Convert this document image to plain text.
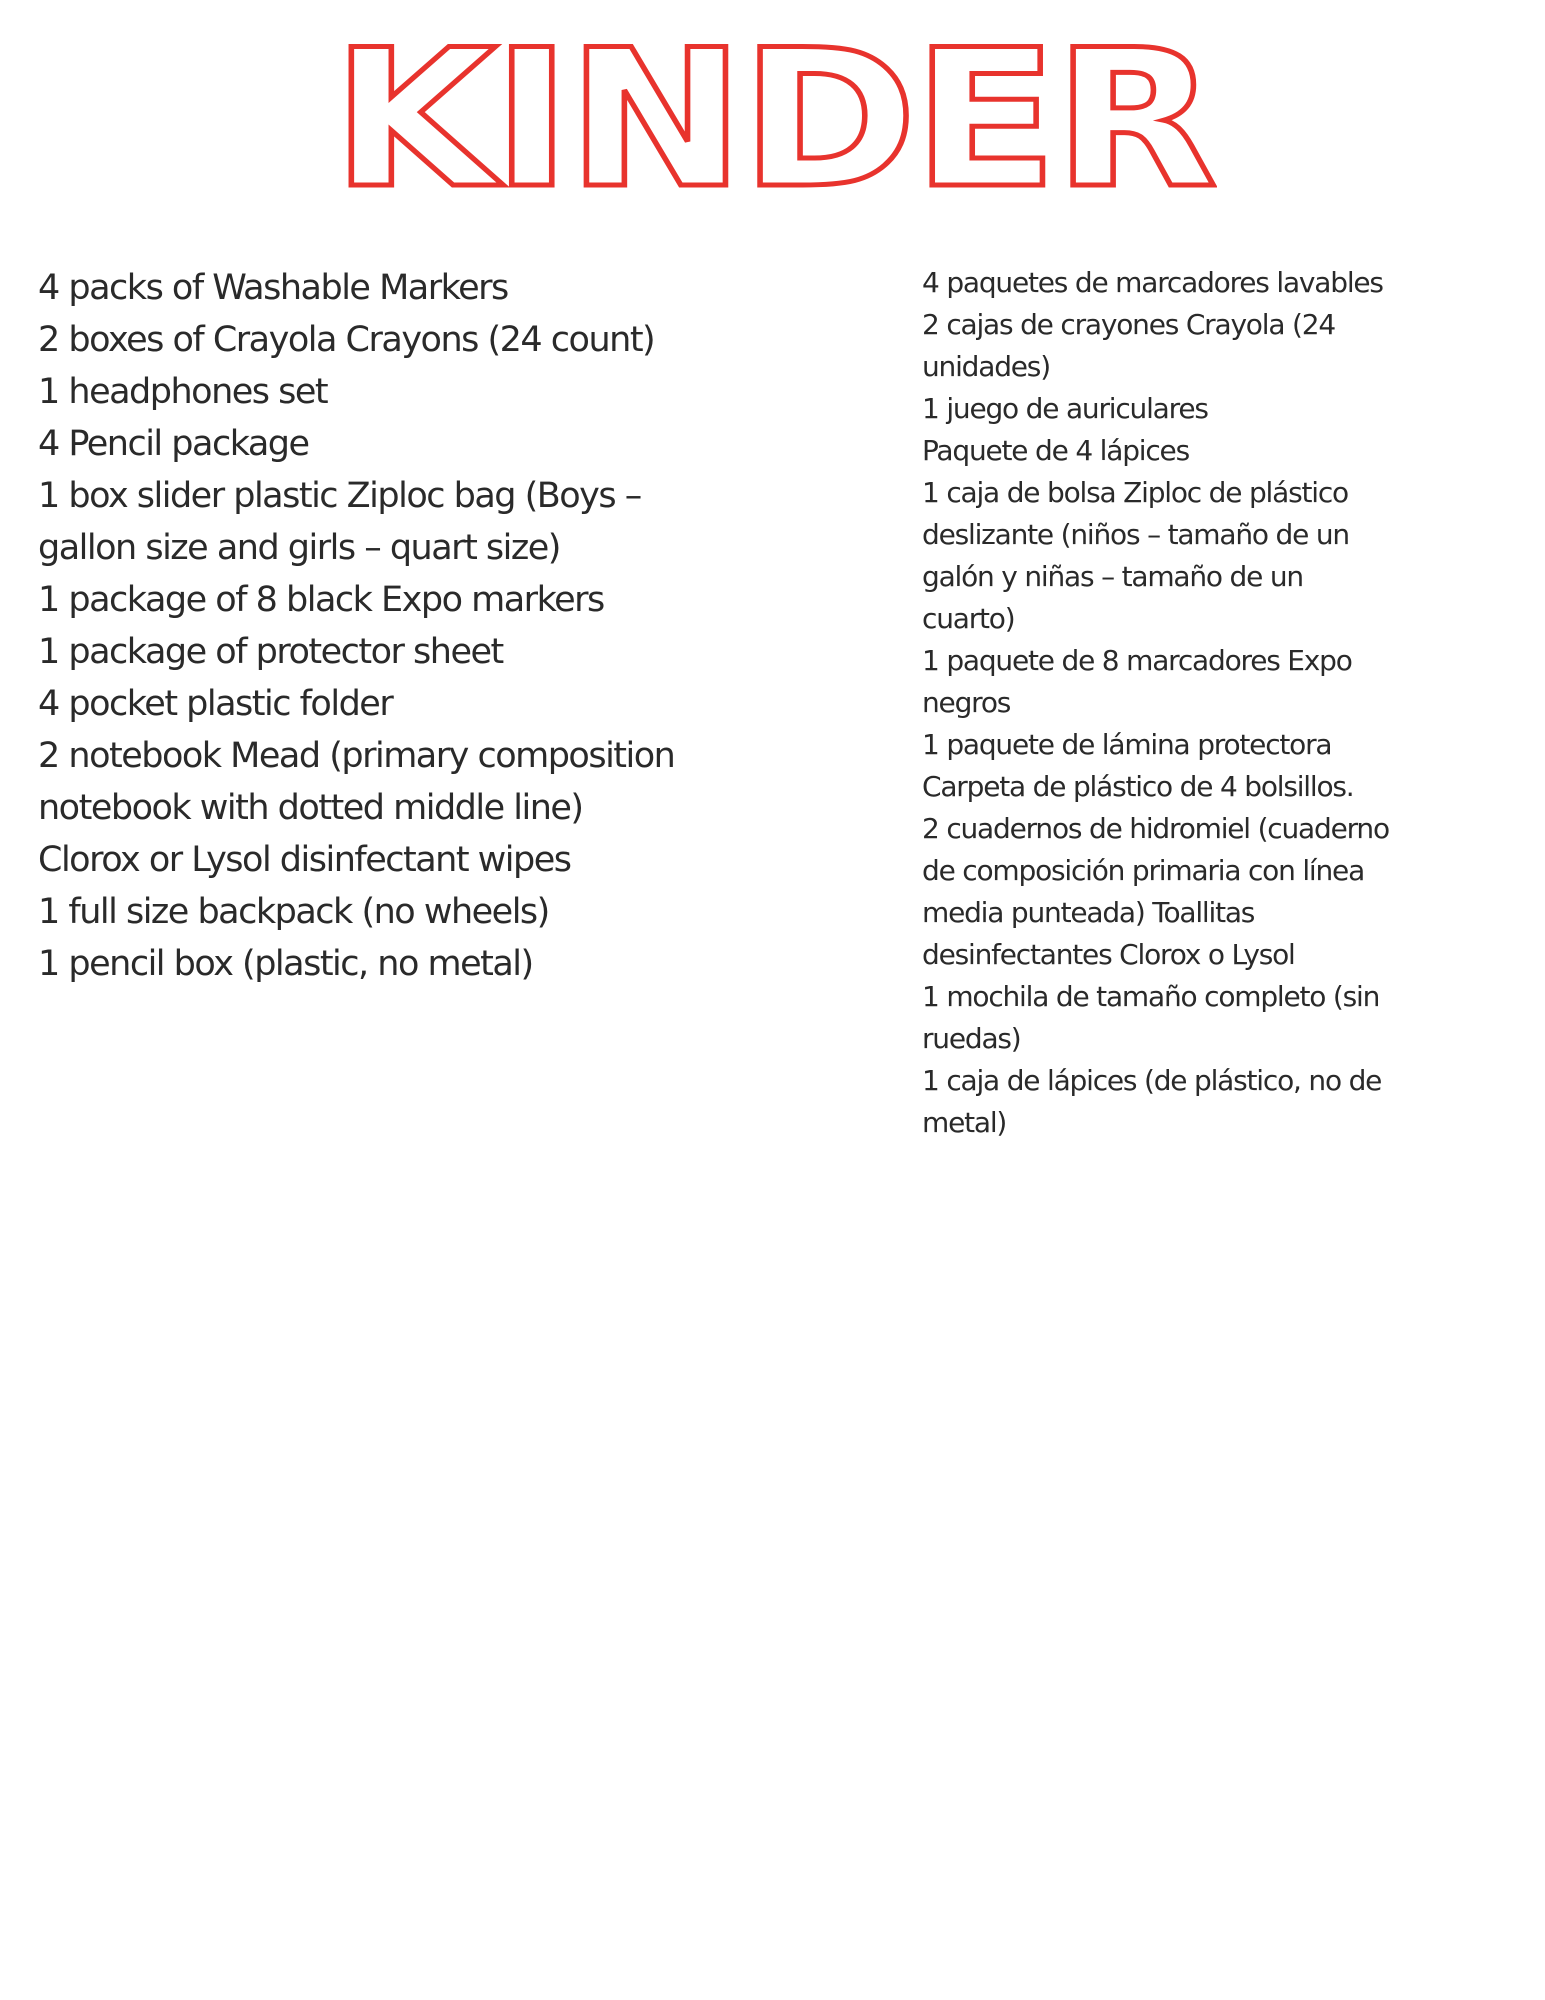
KINDER
4 packs of Washable Markers
2 boxes of Crayola Crayons (24 count)
1 headphones set
4 Pencil package
1 box slider plastic Ziploc bag (Boys – gallon size and girls – quart size)
1 package of 8 black Expo markers
1 package of protector sheet
4 pocket plastic folder
2 notebook Mead (primary composition notebook with dotted middle line)
Clorox or Lysol disinfectant wipes
1 full size backpack (no wheels)
1 pencil box (plastic, no metal)
4 paquetes de marcadores lavables
2 cajas de crayones Crayola (24 unidades)
1 juego de auriculares
Paquete de 4 lápices
1 caja de bolsa Ziploc de plástico deslizante (niños – tamaño de un galón y niñas – tamaño de un cuarto)
1 paquete de 8 marcadores Expo negros
1 paquete de lámina protectora
Carpeta de plástico de 4 bolsillos.
2 cuadernos de hidromiel (cuaderno de composición primaria con línea media punteada) Toallitas desinfectantes Clorox o Lysol
1 mochila de tamaño completo (sin ruedas)
1 caja de lápices (de plástico, no de metal)
